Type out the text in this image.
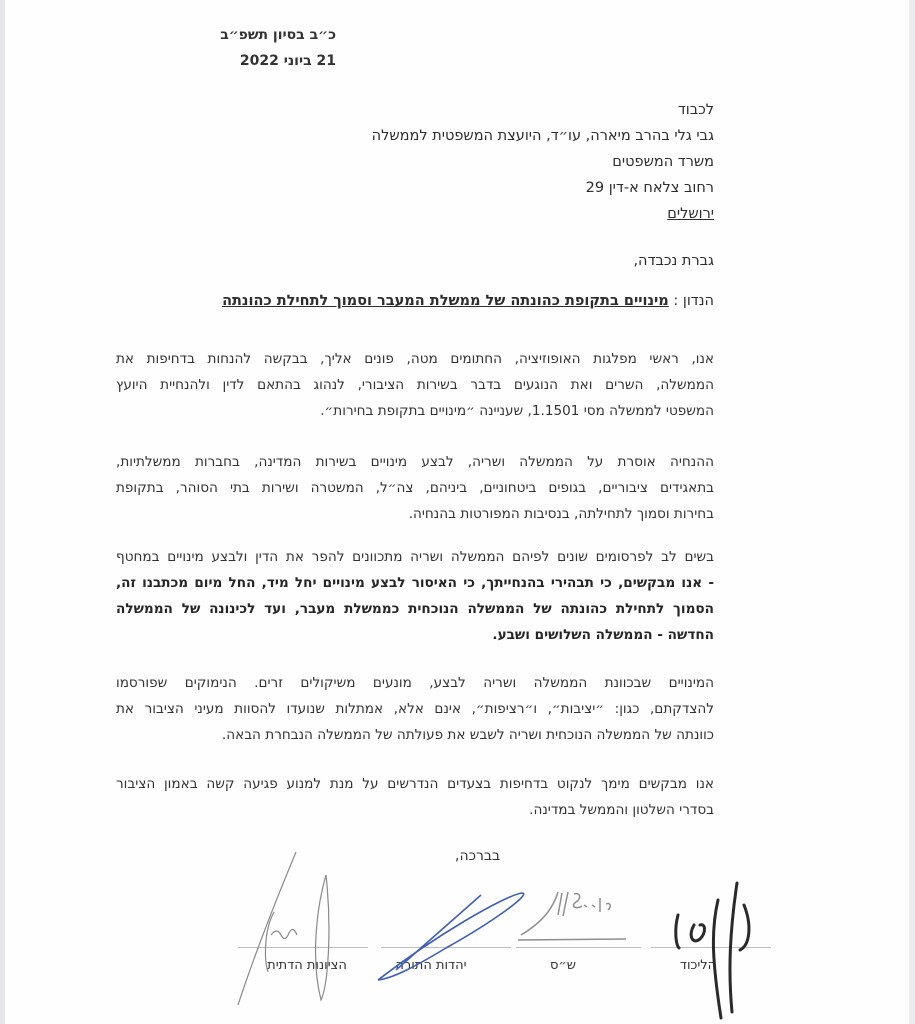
כ״ב בסיון תשפ״ב
21 ביוני 2022
לכבוד
גבי גלי בהרב מיארה, עו״ד, היועצת המשפטית לממשלה
משרד המשפטים
רחוב צלאח א-דין 29
ירושלים
גברת נכבדה,
הנדון : מינויים בתקופת כהונתה של ממשלת המעבר וסמוך לתחילת כהונתה
אנו, ראשי מפלגות האופוזיציה, החתומים מטה, פונים אליך, בבקשה להנחות בדחיפות את
הממשלה, השרים ואת הנוגעים בדבר בשירות הציבורי, לנהוג בהתאם לדין ולהנחיית היועץ
המשפטי לממשלה מסי 1.1501, שעניינה ״מינויים בתקופת בחירות״.
ההנחיה אוסרת על הממשלה ושריה, לבצע מינויים בשירות המדינה, בחברות ממשלתיות,
בתאגידים ציבוריים, בגופים ביטחוניים, ביניהם, צה״ל, המשטרה ושירות בתי הסוהר, בתקופת
בחירות וסמוך לתחילתה, בנסיבות המפורטות בהנחיה.
בשים לב לפרסומים שונים לפיהם הממשלה ושריה מתכוונים להפר את הדין ולבצע מינויים במחטף
- אנו מבקשים, כי תבהירי בהנחייתך, כי האיסור לבצע מינויים יחל מיד, החל מיום מכתבנו זה,
הסמוך לתחילת כהונתה של הממשלה הנוכחית כממשלת מעבר, ועד לכינונה של הממשלה
החדשה - הממשלה השלושים ושבע.
המינויים שבכוונת הממשלה ושריה לבצע, מונעים משיקולים זרים. הנימוקים שפורסמו
להצדקתם, כגון: ״יציבות״, ו״רציפות״, אינם אלא, אמתלות שנועדו להסוות מעיני הציבור את
כוונתה של הממשלה הנוכחית ושריה לשבש את פעולתה של הממשלה הנבחרת הבאה.
אנו מבקשים מימך לנקוט בדחיפות בצעדים הנדרשים על מנת למנוע פגיעה קשה באמון הציבור
בסדרי השלטון והממשל במדינה.
בברכה,
הליכוד
ש״ס
יהדות התורה
הציונות הדתית
